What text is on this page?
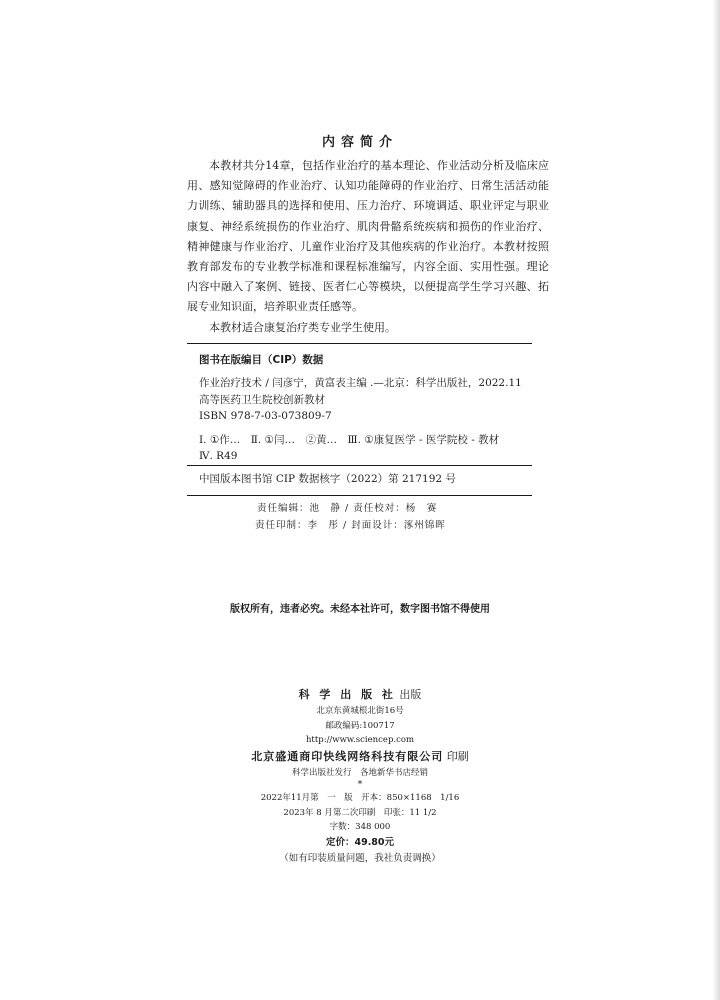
内容简介

本教材共分14章，包括作业治疗的基本理论、作业活动分析及临床应用、感知觉障碍的作业治疗、认知功能障碍的作业治疗、日常生活活动能力训练、辅助器具的选择和使用、压力治疗、环境调适、职业评定与职业康复、神经系统损伤的作业治疗、肌肉骨骼系统疾病和损伤的作业治疗、精神健康与作业治疗、儿童作业治疗及其他疾病的作业治疗。本教材按照教育部发布的专业教学标准和课程标准编写，内容全面、实用性强。理论内容中融入了案例、链接、医者仁心等模块，以便提高学生学习兴趣、拓展专业知识面，培养职业责任感等。

本教材适合康复治疗类专业学生使用。

图书在版编目（CIP）数据
作业治疗技术 / 闫彦宁，黄富表主编 .—北京：科学出版社，2022.11
高等医药卫生院校创新教材
ISBN 978-7-03-073809-7
Ⅰ. ①作…　Ⅱ. ①闫…　②黄…　Ⅲ. ①康复医学 - 医学院校 - 教材
Ⅳ. R49
中国版本图书馆 CIP 数据核字（2022）第 217192 号
责任编辑：池　静 / 责任校对：杨　赛
责任印制：李　彤 / 封面设计：涿州锦晖
版权所有，违者必究。未经本社许可，数字图书馆不得使用
科 学 出 版 社 出版
北京东黄城根北街16号
邮政编码:100717
http://www.sciencep.com
北京盛通商印快线网络科技有限公司 印刷
科学出版社发行　各地新华书店经销
*
2022年11月第　一　版　开本：850×1168　1/16
2023年 8 月第二次印刷　印张：11 1/2
字数：348 000
定价：49.80元
（如有印装质量问题，我社负责调换）
